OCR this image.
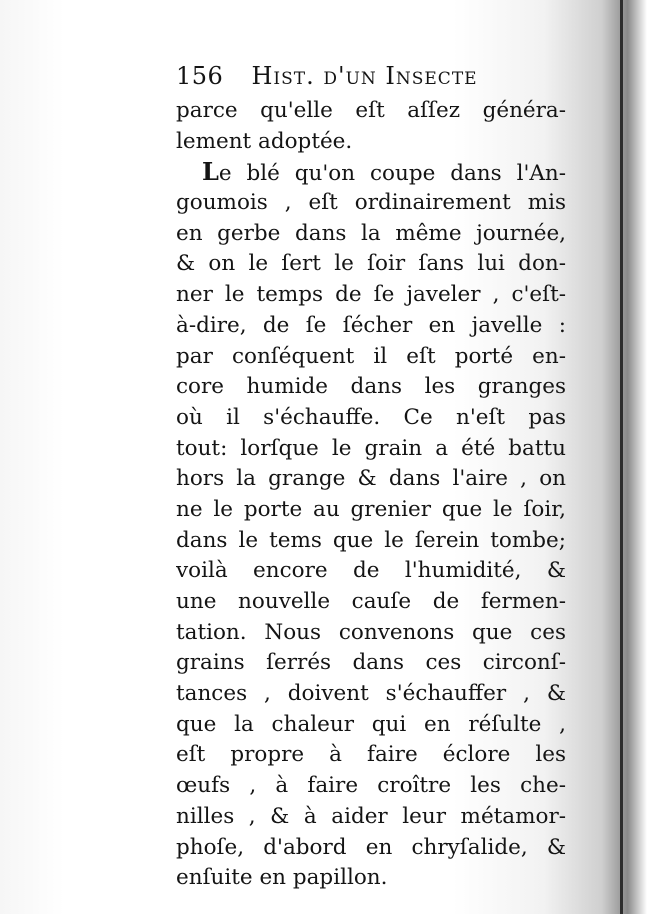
156 Hist. d'un Insecte
parce qu'elle eſt aſſez généra-
lement adoptée.
Le blé qu'on coupe dans l'An-
goumois , eſt ordinairement mis
en gerbe dans la même journée,
& on le ſert le ſoir ſans lui don-
ner le temps de ſe javeler , c'eſt-
à-dire, de ſe ſécher en javelle :
par conſéquent il eſt porté en-
core humide dans les granges
où il s'échauffe. Ce n'eſt pas
tout: lorſque le grain a été battu
hors la grange & dans l'aire , on
ne le porte au grenier que le ſoir,
dans le tems que le ſerein tombe;
voilà encore de l'humidité, &
une nouvelle cauſe de fermen-
tation. Nous convenons que ces
grains ſerrés dans ces circonſ-
tances , doivent s'échauffer , &
que la chaleur qui en réſulte ,
eſt propre à faire éclore les
œufs , à faire croître les che-
nilles , & à aider leur métamor-
phoſe, d'abord en chryſalide, &
enſuite en papillon.
